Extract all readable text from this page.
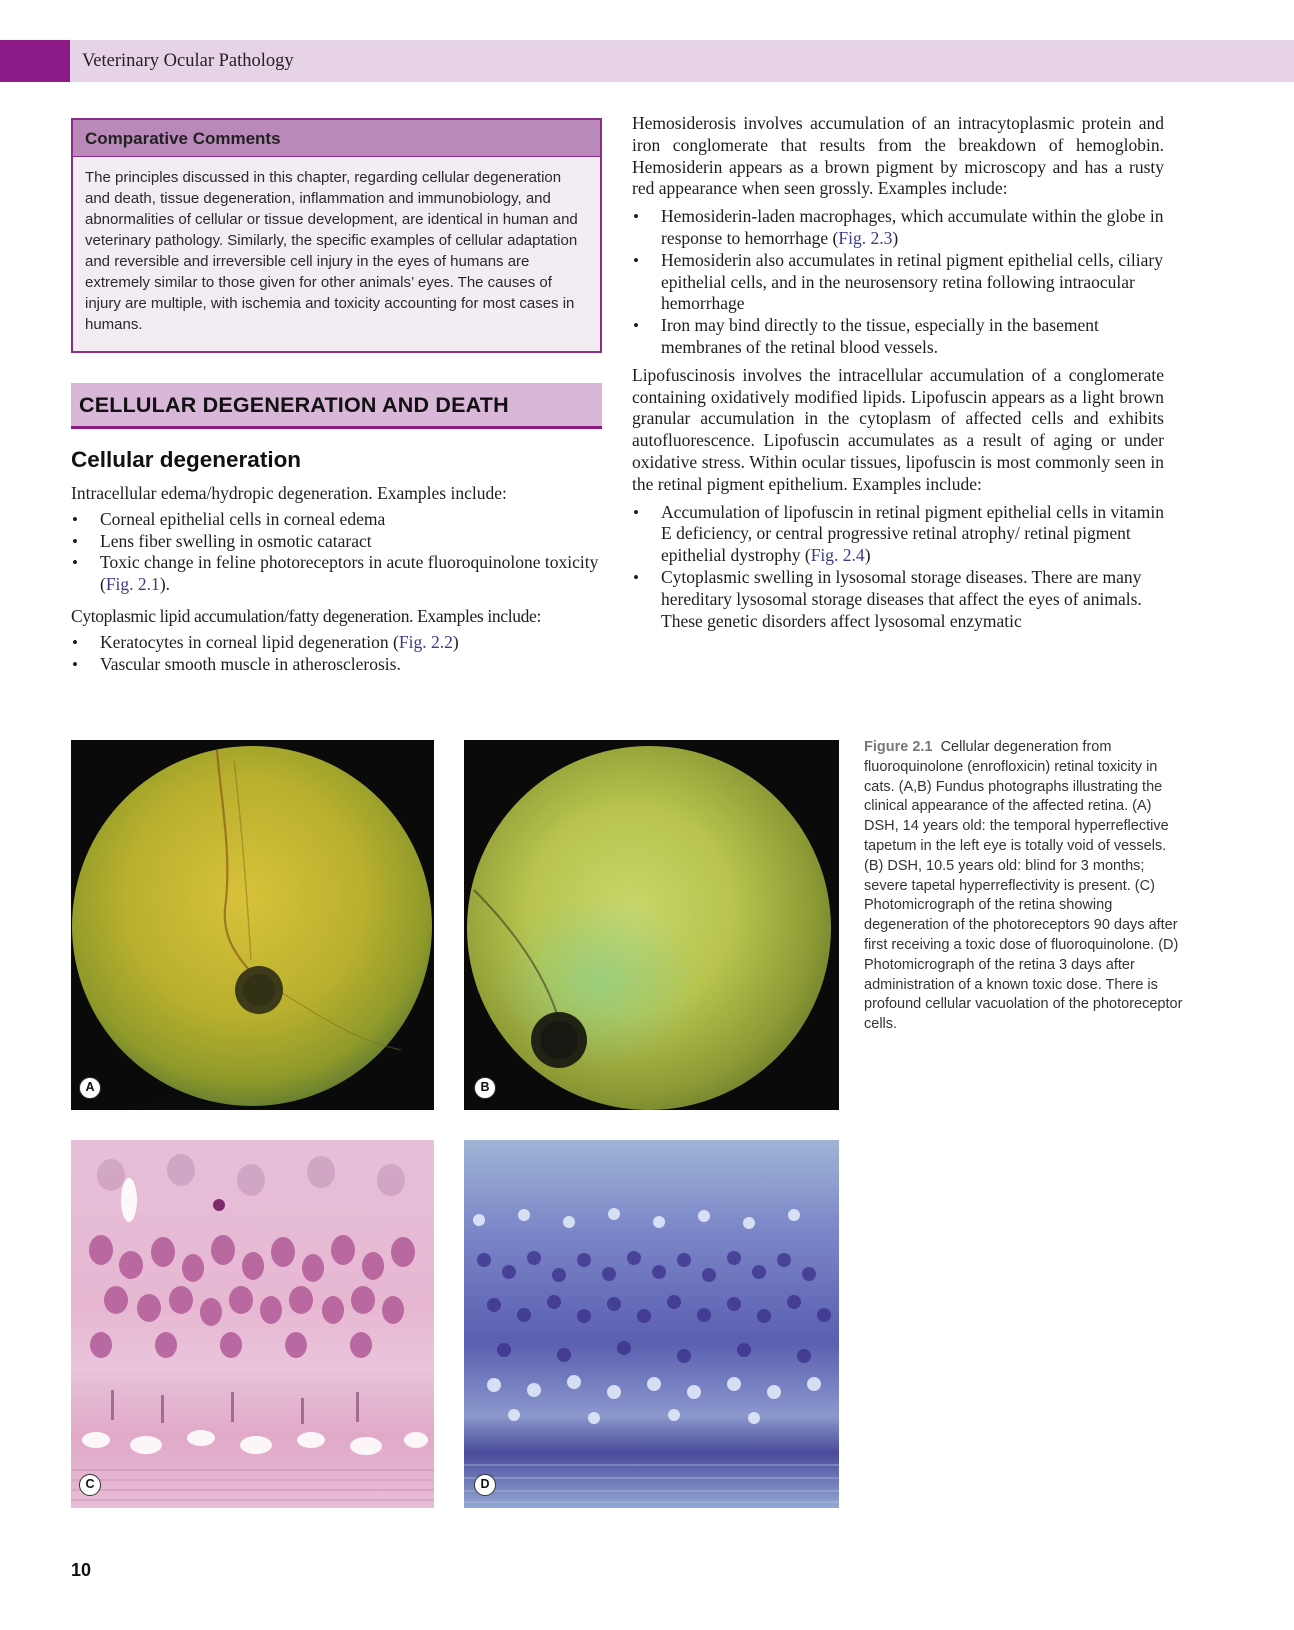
Veterinary Ocular Pathology
Comparative Comments
The principles discussed in this chapter, regarding cellular degeneration and death, tissue degeneration, inflammation and immunobiology, and abnormalities of cellular or tissue development, are identical in human and veterinary pathology. Similarly, the specific examples of cellular adaptation and reversible and irreversible cell injury in the eyes of humans are extremely similar to those given for other animals’ eyes. The causes of injury are multiple, with ischemia and toxicity accounting for most cases in humans.
CELLULAR DEGENERATION AND DEATH
Cellular degeneration

Intracellular edema/hydropic degeneration. Examples include:

• Corneal epithelial cells in corneal edema
• Lens fiber swelling in osmotic cataract
• Toxic change in feline photoreceptors in acute fluoroquinolone toxicity (Fig. 2.1).

Cytoplasmic lipid accumulation/fatty degeneration. Examples include:

• Keratocytes in corneal lipid degeneration (Fig. 2.2)
• Vascular smooth muscle in atherosclerosis.

Hemosiderosis involves accumulation of an intracytoplasmic protein and iron conglomerate that results from the breakdown of hemoglobin. Hemosiderin appears as a brown pigment by microscopy and has a rusty red appearance when seen grossly. Examples include:

• Hemosiderin-laden macrophages, which accumulate within the globe in response to hemorrhage (Fig. 2.3)
• Hemosiderin also accumulates in retinal pigment epithelial cells, ciliary epithelial cells, and in the neurosensory retina following intraocular hemorrhage
• Iron may bind directly to the tissue, especially in the basement membranes of the retinal blood vessels.

Lipofuscinosis involves the intracellular accumulation of a conglomerate containing oxidatively modified lipids. Lipofuscin appears as a light brown granular accumulation in the cytoplasm of affected cells and exhibits autofluorescence. Lipofuscin accumulates as a result of aging or under oxidative stress. Within ocular tissues, lipofuscin is most commonly seen in the retinal pigment epithelium. Examples include:

• Accumulation of lipofuscin in retinal pigment epithelial cells in vitamin E deficiency, or central progressive retinal atrophy/ retinal pigment epithelial dystrophy (Fig. 2.4)
• Cytoplasmic swelling in lysosomal storage diseases. There are many hereditary lysosomal storage diseases that affect the eyes of animals. These genetic disorders affect lysosomal enzymatic
A	B
C	D
Figure 2.1 Cellular degeneration from fluoroquinolone (enrofloxicin) retinal toxicity in cats. (A,B) Fundus photographs illustrating the clinical appearance of the affected retina. (A) DSH, 14 years old: the temporal hyperreflective tapetum in the left eye is totally void of vessels. (B) DSH, 10.5 years old: blind for 3 months; severe tapetal hyperreflectivity is present. (C) Photomicrograph of the retina showing degeneration of the photoreceptors 90 days after first receiving a toxic dose of fluoroquinolone. (D) Photomicrograph of the retina 3 days after administration of a known toxic dose. There is profound cellular vacuolation of the photoreceptor cells.
10
